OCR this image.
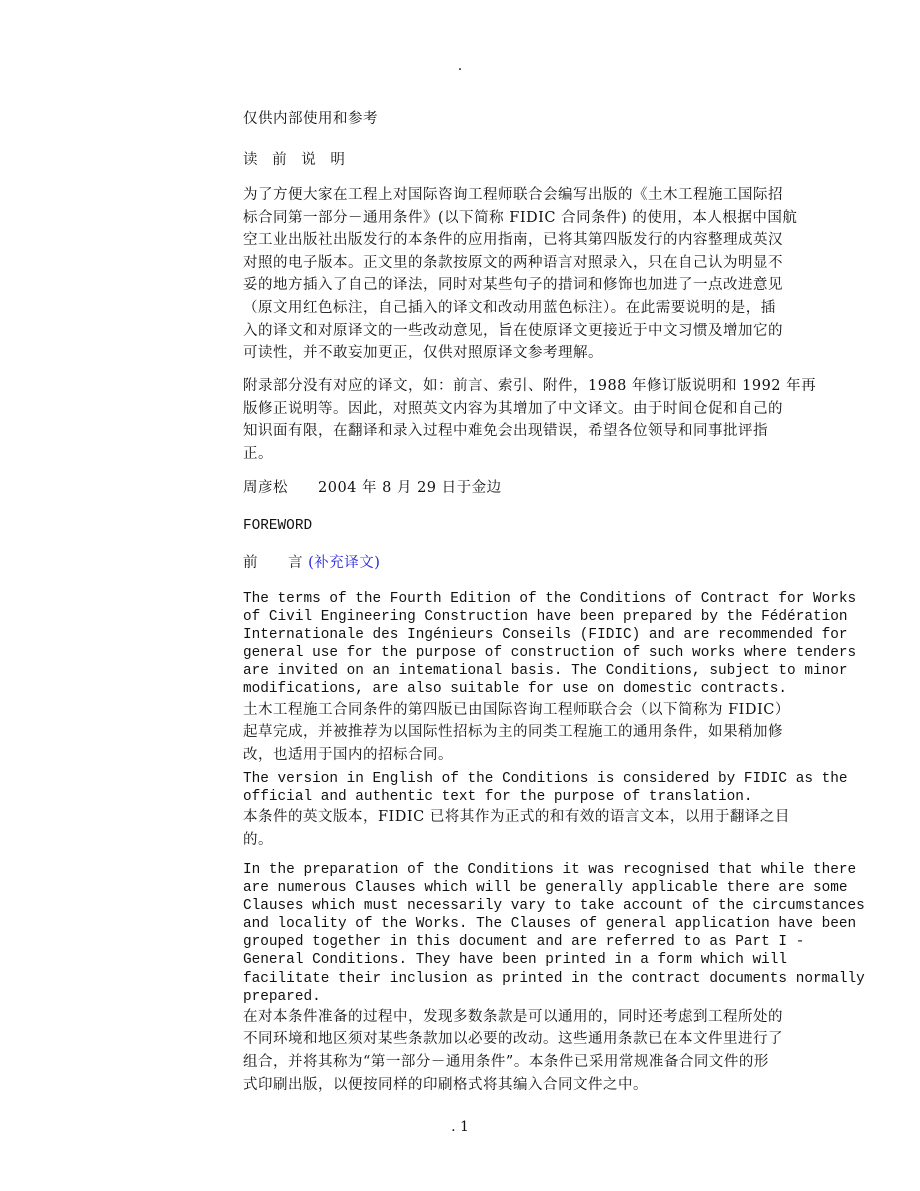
.
仅供内部使用和参考
读 前 说 明
为了方便大家在工程上对国际咨询工程师联合会编写出版的《土木工程施工国际招
标合同第一部分－通用条件》(以下简称 FIDIC 合同条件) 的使用，本人根据中国航
空工业出版社出版发行的本条件的应用指南，已将其第四版发行的内容整理成英汉
对照的电子版本。正文里的条款按原文的两种语言对照录入，只在自己认为明显不
妥的地方插入了自己的译法，同时对某些句子的措词和修饰也加进了一点改进意见
（原文用红色标注，自己插入的译文和改动用蓝色标注）。在此需要说明的是，插
入的译文和对原译文的一些改动意见，旨在使原译文更接近于中文习惯及增加它的
可读性，并不敢妄加更正，仅供对照原译文参考理解。
附录部分没有对应的译文，如：前言、索引、附件，1988 年修订版说明和 1992 年再
版修正说明等。因此，对照英文内容为其增加了中文译文。由于时间仓促和自己的
知识面有限，在翻译和录入过程中难免会出现错误，希望各位领导和同事批评指
正。
周彦松 2004 年 8 月 29 日于金边
FOREWORD
前　　言 (补充译文)
The terms of the Fourth Edition of the Conditions of Contract for Works
of Civil Engineering Construction have been prepared by the Fédération
Internationale des Ingénieurs Conseils (FIDIC) and are recommended for
general use for the purpose of construction of such works where tenders
are invited on an intemational basis. The Conditions, subject to minor
modifications, are also suitable for use on domestic contracts.
土木工程施工合同条件的第四版已由国际咨询工程师联合会（以下简称为 FIDIC）
起草完成，并被推荐为以国际性招标为主的同类工程施工的通用条件，如果稍加修
改，也适用于国内的招标合同。
The version in English of the Conditions is considered by FIDIC as the
official and authentic text for the purpose of translation.
本条件的英文版本，FIDIC 已将其作为正式的和有效的语言文本，以用于翻译之目
的。
In the preparation of the Conditions it was recognised that while there
are numerous Clauses which will be generally applicable there are some
Clauses which must necessarily vary to take account of the circumstances
and locality of the Works. The Clauses of general application have been
grouped together in this document and are referred to as Part I -
General Conditions. They have been printed in a form which will
facilitate their inclusion as printed in the contract documents normally
prepared.
在对本条件准备的过程中，发现多数条款是可以通用的，同时还考虑到工程所处的
不同环境和地区须对某些条款加以必要的改动。这些通用条款已在本文件里进行了
组合，并将其称为“第一部分－通用条件”。本条件已采用常规准备合同文件的形
式印刷出版，以便按同样的印刷格式将其编入合同文件之中。
. 1
